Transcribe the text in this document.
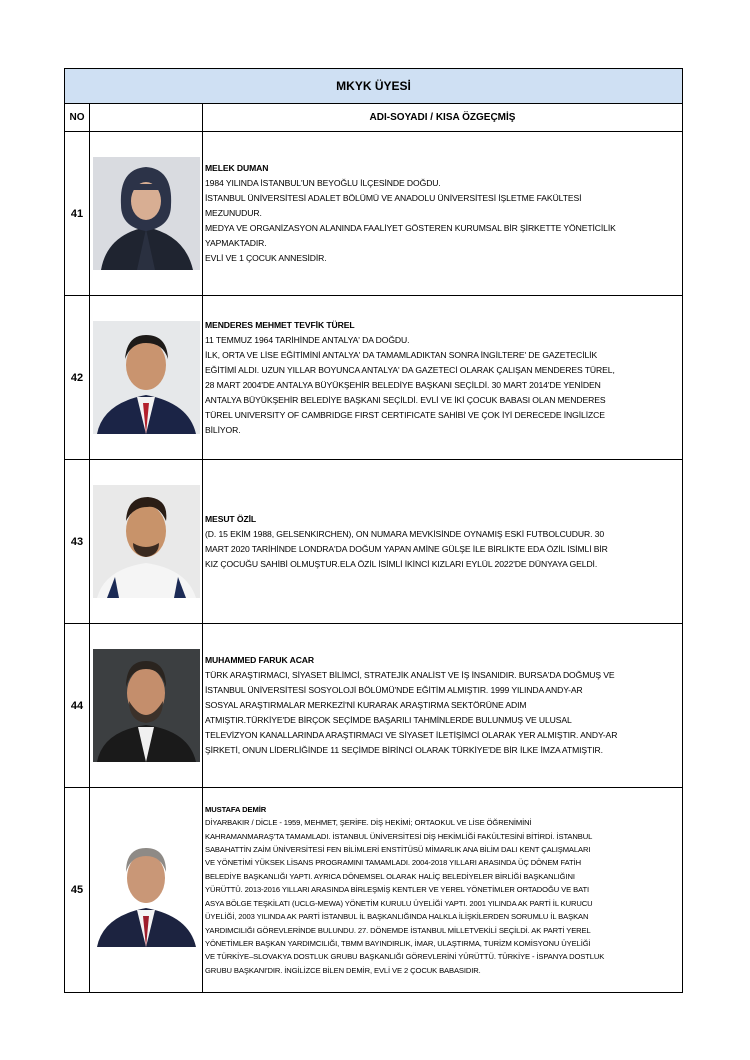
MKYK ÜYESİ
NO	ADI-SOYADI / KISA ÖZGEÇMİŞ
41
MELEK DUMAN
1984 YILINDA İSTANBUL'UN BEYOĞLU İLÇESİNDE DOĞDU.
İSTANBUL ÜNİVERSİTESİ ADALET BÖLÜMÜ VE ANADOLU ÜNİVERSİTESİ İŞLETME FAKÜLTESİ
MEZUNUDUR.
MEDYA VE ORGANİZASYON ALANINDA FAALİYET GÖSTEREN KURUMSAL BİR ŞİRKETTE YÖNETİCİLİK
YAPMAKTADIR.
EVLİ VE 1 ÇOCUK ANNESİDİR.
42
MENDERES MEHMET TEVFİK TÜREL
11 TEMMUZ 1964 TARİHİNDE ANTALYA' DA DOĞDU.
İLK, ORTA VE LİSE EĞİTİMİNİ ANTALYA' DA TAMAMLADIKTAN SONRA İNGİLTERE' DE GAZETECİLİK
EĞİTİMİ ALDI. UZUN YILLAR BOYUNCA ANTALYA' DA GAZETECİ OLARAK ÇALIŞAN MENDERES TÜREL,
28 MART 2004'DE ANTALYA BÜYÜKŞEHİR BELEDİYE BAŞKANI SEÇİLDİ. 30 MART 2014'DE YENİDEN
ANTALYA BÜYÜKŞEHİR BELEDİYE BAŞKANI SEÇİLDİ. EVLİ VE İKİ ÇOCUK BABASI OLAN MENDERES
TÜREL UNIVERSITY OF CAMBRIDGE FIRST CERTIFICATE SAHİBİ VE ÇOK İYİ DERECEDE İNGİLİZCE
BİLİYOR.
43
MESUT ÖZİL
(D. 15 EKİM 1988, GELSENKIRCHEN), ON NUMARA MEVKİSİNDE OYNAMIŞ ESKİ FUTBOLCUDUR. 30
MART 2020 TARİHİNDE LONDRA'DA DOĞUM YAPAN AMİNE GÜLŞE İLE BİRLİKTE EDA ÖZİL İSİMLİ BİR
KIZ ÇOCUĞU SAHİBİ OLMUŞTUR.ELA ÖZİL İSİMLİ İKİNCİ KIZLARI EYLÜL 2022'DE DÜNYAYA GELDİ.
44
MUHAMMED FARUK ACAR
TÜRK ARAŞTIRMACI, SİYASET BİLİMCİ, STRATEJİK ANALİST VE İŞ İNSANIDIR. BURSA'DA DOĞMUŞ VE
İSTANBUL ÜNİVERSİTESİ SOSYOLOJİ BÖLÜMÜ'NDE EĞİTİM ALMIŞTIR. 1999 YILINDA ANDY-AR
SOSYAL ARAŞTIRMALAR MERKEZİ'Nİ KURARAK ARAŞTIRMA SEKTÖRÜNE ADIM
ATMIŞTIR.TÜRKİYE'DE BİRÇOK SEÇİMDE BAŞARILI TAHMİNLERDE BULUNMUŞ VE ULUSAL
TELEVİZYON KANALLARINDA ARAŞTIRMACI VE SİYASET İLETİŞİMCİ OLARAK YER ALMIŞTIR. ANDY-AR
ŞİRKETİ, ONUN LİDERLİĞİNDE 11 SEÇİMDE BİRİNCİ OLARAK TÜRKİYE'DE BİR İLKE İMZA ATMIŞTIR.
45
MUSTAFA DEMİR
DİYARBAKIR / DİCLE - 1959, MEHMET, ŞERİFE. DİŞ HEKİMİ; ORTAOKUL VE LİSE ÖĞRENİMİNİ
KAHRAMANMARAŞ'TA TAMAMLADI. İSTANBUL ÜNİVERSİTESİ DİŞ HEKİMLİĞİ FAKÜLTESİNİ BİTİRDİ. İSTANBUL
SABAHATTİN ZAİM ÜNİVERSİTESİ FEN BİLİMLERİ ENSTİTÜSÜ MİMARLIK ANA BİLİM DALI KENT ÇALIŞMALARI
VE YÖNETİMİ YÜKSEK LİSANS PROGRAMINI TAMAMLADI. 2004-2018 YILLARI ARASINDA ÜÇ DÖNEM FATİH
BELEDİYE BAŞKANLIĞI YAPTI. AYRICA DÖNEMSEL OLARAK HALİÇ BELEDİYELER BİRLİĞİ BAŞKANLIĞINI
YÜRÜTTÜ. 2013-2016 YILLARI ARASINDA BİRLEŞMİŞ KENTLER VE YEREL YÖNETİMLER ORTADOĞU VE BATI
ASYA BÖLGE TEŞKİLATI (UCLG-MEWA) YÖNETİM KURULU ÜYELİĞİ YAPTI. 2001 YILINDA AK PARTİ İL KURUCU
ÜYELİĞİ, 2003 YILINDA AK PARTİ İSTANBUL İL BAŞKANLIĞINDA HALKLA İLİŞKİLERDEN SORUMLU İL BAŞKAN
YARDIMCILIĞI GÖREVLERİNDE BULUNDU. 27. DÖNEMDE İSTANBUL MİLLETVEKİLİ SEÇİLDİ. AK PARTİ YEREL
YÖNETİMLER BAŞKAN YARDIMCILIĞI, TBMM BAYINDIRLIK, İMAR, ULAŞTIRMA, TURİZM KOMİSYONU ÜYELİĞİ
VE TÜRKİYE–SLOVAKYA DOSTLUK GRUBU BAŞKANLIĞI GÖREVLERİNİ YÜRÜTTÜ. TÜRKİYE - İSPANYA DOSTLUK
GRUBU BAŞKANI'DIR. İNGİLİZCE BİLEN DEMİR, EVLİ VE 2 ÇOCUK BABASIDIR.
